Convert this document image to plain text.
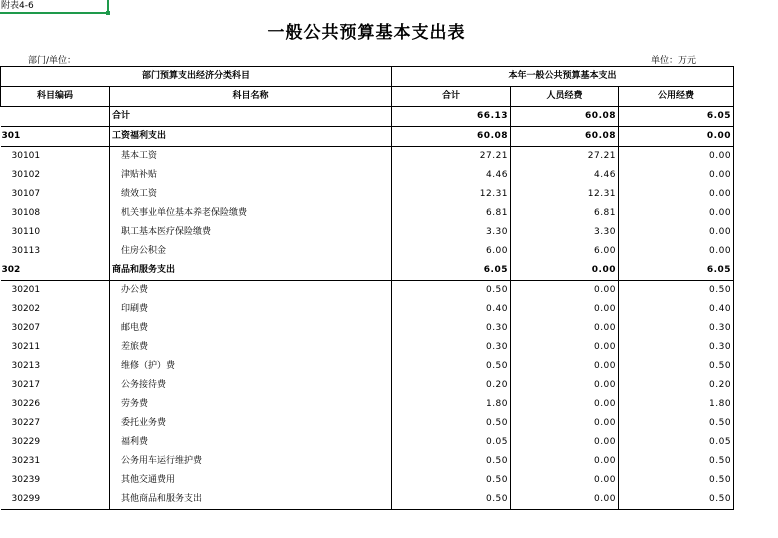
附表4-6
一般公共预算基本支出表
部门/单位：	单位：万元
部门预算支出经济分类科目		本年一般公共预算基本支出		
科目编码	科目名称	合计	人员经费	公用经费
	合计	66.13	60.08	6.05
301	工资福利支出	60.08	60.08	0.00
30101	基本工资	27.21	27.21	0.00
30102	津贴补贴	4.46	4.46	0.00
30107	绩效工资	12.31	12.31	0.00
30108	机关事业单位基本养老保险缴费	6.81	6.81	0.00
30110	职工基本医疗保险缴费	3.30	3.30	0.00
30113	住房公积金	6.00	6.00	0.00
302	商品和服务支出	6.05	0.00	6.05
30201	办公费	0.50	0.00	0.50
30202	印刷费	0.40	0.00	0.40
30207	邮电费	0.30	0.00	0.30
30211	差旅费	0.30	0.00	0.30
30213	维修（护）费	0.50	0.00	0.50
30217	公务接待费	0.20	0.00	0.20
30226	劳务费	1.80	0.00	1.80
30227	委托业务费	0.50	0.00	0.50
30229	福利费	0.05	0.00	0.05
30231	公务用车运行维护费	0.50	0.00	0.50
30239	其他交通费用	0.50	0.00	0.50
30299	其他商品和服务支出	0.50	0.00	0.50
